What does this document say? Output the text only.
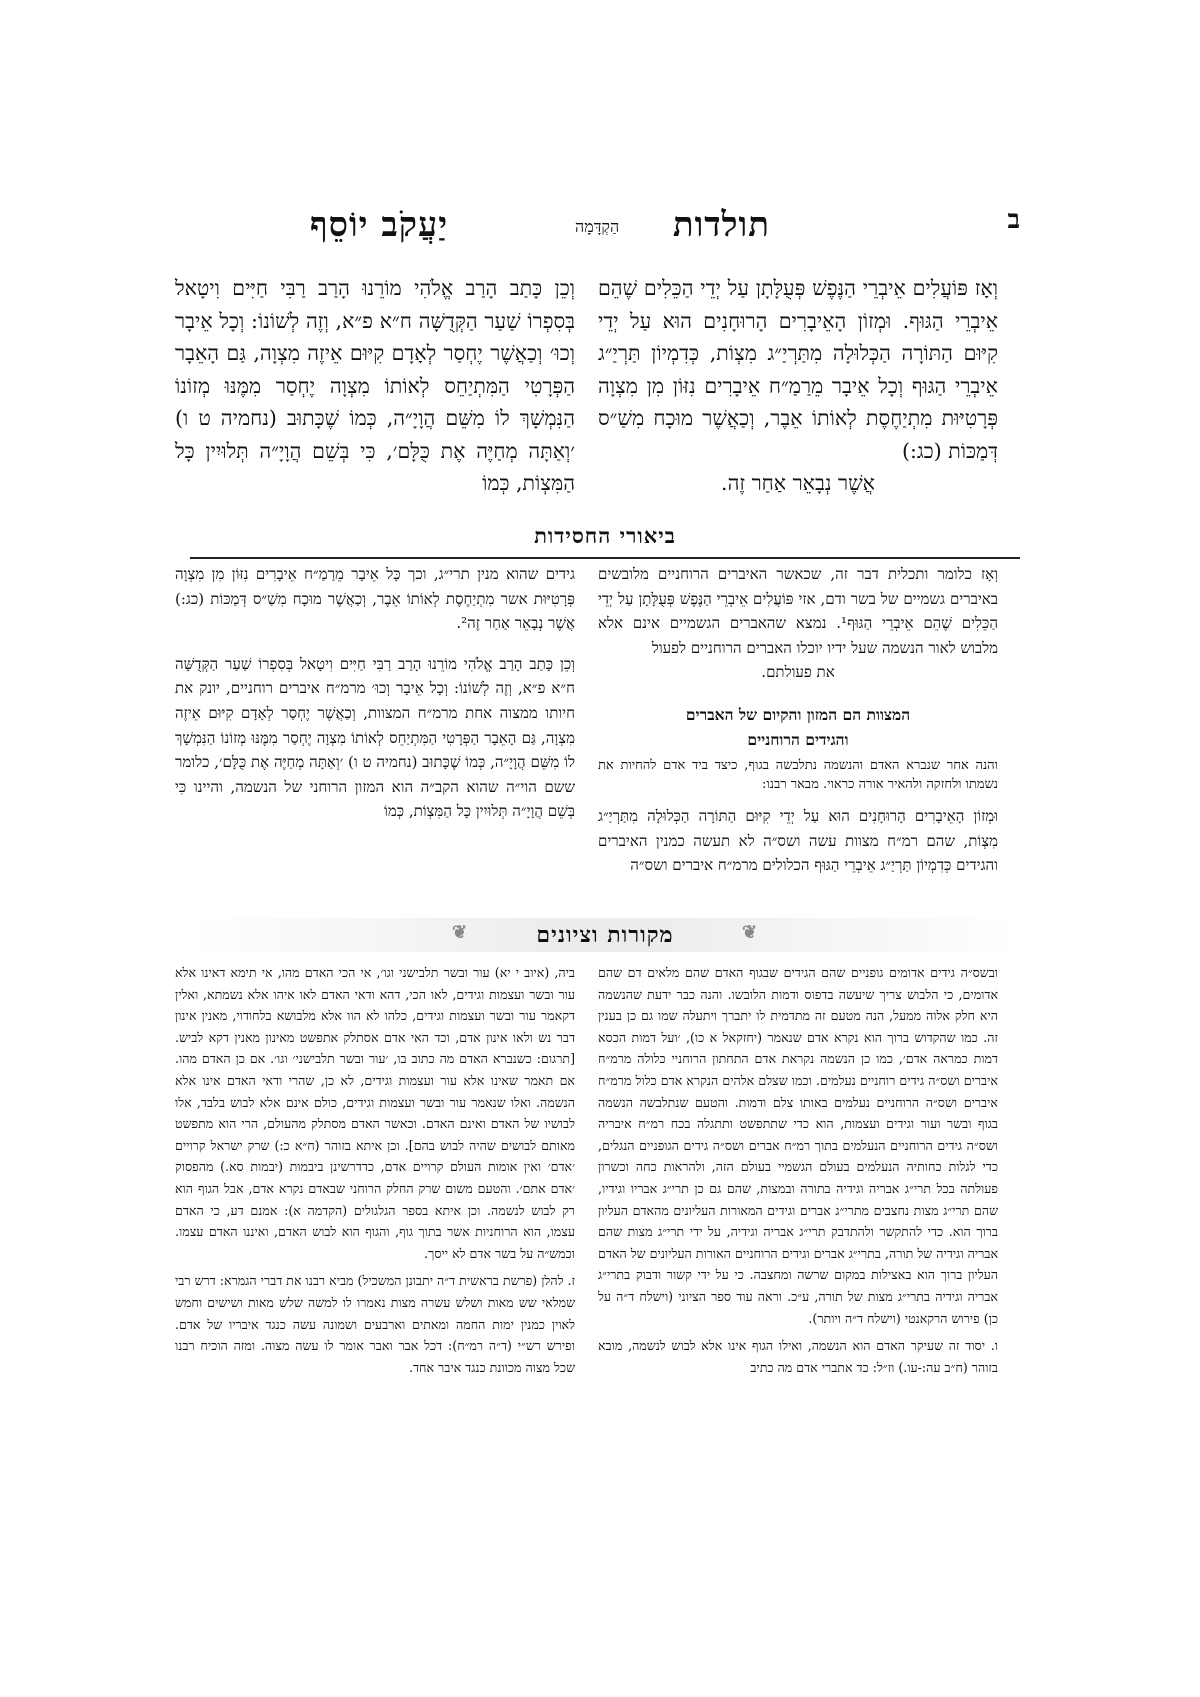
ב
תולדות
הַקְדָּמָה
יַעֲקֹב יוֹסֵף

וְאָז פּוֹעֲלִים אֵיבְרֵי הַנֶּפֶשׁ פְּעֻלָּתָן עַל יְדֵי הַכֵּלִים שֶׁהֵם אֵיבְרֵי הַגּוּף. וּמְזוֹן הָאֵיבָרִים הָרוּחָנִים הוּא עַל יְדֵי קִיּוּם הַתּוֹרָה הַכְּלוּלָה מִתַּרְיַ״ג מִצְוֹת, כְּדִמְיוֹן תַּרְיַ״ג אֵיבְרֵי הַגּוּף וְכָל אֵיבָר מֵרַמַ״ח אֵיבָרִים נִזּוֹן מִן מִצְוָה פְּרָטִיּוּת מִתְיַחֶסֶת לְאוֹתוֹ אֵבֶר, וְכַאֲשֶׁר מוּכָח מִשַׁ״ס דְּמַכּוֹת (כג:)

אֲשֶׁר נְבָאֵר אַחַר זֶה.

וְכֵן כָּתַב הָרַב אֱלֹהִי מוֹרֵנוּ הָרַב רַבִּי חַיִּים וִיטָאל בְּסִפְרוֹ שַׁעַר הַקְּדֻשָּׁה ח״א פ״א, וְזֶה לְשׁוֹנוֹ: וְכָל אֵיבָר וְכוּ׳ וְכַאֲשֶׁר יֶחְסַר לְאָדָם קִיּוּם אֵיזֶה מִצְוָה, גַּם הָאֵבָר הַפְּרָטִי הַמִּתְיַחֵס לְאוֹתוֹ מִצְוָה יֶחְסַר מִמֶּנּוּ מְזוֹנוֹ הַנִּמְשָׁךְ לוֹ מִשֵּׁם הֲוָיָ״ה, כְּמוֹ שֶׁכָּתוּב (נחמיה ט ו) ׳וְאַתָּה מְחַיֶּה אֶת כֻּלָּם׳, כִּי בְּשֵׁם הֲוָיָ״ה תְּלוּיִין כָּל הַמִּצְוֹת, כְּמוֹ

ביאורי החסידות

וְאָז כלומר ותכלית דבר זה, שכאשר האיברים הרוחניים מלובשים באיברים גשמיים של בשר ודם, אזי פּוֹעֲלִים אֵיבְרֵי הַנֶּפֶשׁ פְּעֻלָּתָן עַל יְדֵי הַכֵּלִים שֶׁהֵם אֵיבְרֵי הַגּוּף¹. נמצא שהאברים הגשמיים אינם אלא מלבוש לאור הנשמה שעל ידיו יוכלו האברים הרוחניים לפעול

את פעולתם.

המצוות הם המזון והקיום של האברים
והגידים הרוחניים

והנה אחר שנברא האדם והנשמה נתלבשה בגוף, כיצד ביד אדם להחיות את נשמתו ולחזקה ולהאיר אורה כראוי. מבאר רבנו:

וּמְזוֹן הָאֵיבָרִים הָרוּחָנִים הוּא עַל יְדֵי קִיּוּם הַתּוֹרָה הַכְּלוּלָה מִתַּרְיַ״ג מִצְוֹת, שהם רמ״ח מצוות עשה ושס״ה לא תעשה כמנין האיברים והגידים כְּדִמְיוֹן תַּרְיַ״ג אֵיבְרֵי הַגּוּף הכלולים מרמ״ח איברים ושס״ה

גידים שהוא מנין תרי״ג, וכך כָּל אֵיבָר מֵרַמַ״ח אֵיבָרִים נִזּוֹן מִן מִצְוָה פְּרָטִיּוּת אשר מִתְיַחֶסֶת לְאוֹתוֹ אֵבֶר, וְכַאֲשֶׁר מוּכָח מִשַׁ״ס דְּמַכּוֹת (כג:) אֲשֶׁר נְבָאֵר אַחַר זֶה².

וְכֵן כָּתַב הָרַב אֱלֹהִי מוֹרֵנוּ הָרַב רַבִּי חַיִּים וִיטָאל בְּסִפְרוֹ שַׁעַר הַקְּדֻשָּׁה ח״א פ״א, וְזֶה לְשׁוֹנוֹ: וְכָל אֵיבָר וְכוּ׳ מרמ״ח איברים רוחניים, יונק את חיותו ממצוה אחת מרמ״ח המצוות, וְכַאֲשֶׁר יֶחְסַר לְאָדָם קִיּוּם אֵיזֶה מִצְוָה, גַּם הָאֵבָר הַפְּרָטִי הַמִּתְיַחֵס לְאוֹתוֹ מִצְוָה יֶחְסַר מִמֶּנּוּ מְזוֹנוֹ הַנִּמְשָׁךְ לוֹ מִשֵּׁם הֲוָיָ״ה, כְּמוֹ שֶׁכָּתוּב (נחמיה ט ו) ׳וְאַתָּה מְחַיֶּה אֶת כֻּלָּם׳, כלומר ששם הוי״ה שהוא הקב״ה הוא המזון הרוחני של הנשמה, והיינו כִּי בְּשֵׁם הֲוָיָ״ה תְּלוּיִין כָּל הַמִּצְוֹת, כְּמוֹ

❦
מקורות וציונים
❦

ובשס״ה גידים אדומים גופניים שהם הגידים שבגוף האדם שהם מלאים דם שהם אדומים, כי הלבוש צריך שיעשה בדפוס ודמות הלובשו. והנה כבר ידעת שהנשמה היא חלק אלוה ממעל, הנה מטעם זה מתדמית לו יתברך ויתעלה שמו גם כן בענין זה. כמו שהקדוש ברוך הוא נקרא אדם שנאמר (יחזקאל א כו), ׳ועל דמות הכסא דמות כמראה אדם׳, כמו כן הנשמה נקראת אדם התחתון הרוחניי כלולה מרמ״ח איברים ושס״ה גידים רוחניים נעלמים. וכמו שצלם אלהים הנקרא אדם כלול מרמ״ח איברים ושס״ה הרוחניים נעלמים באותו צלם ודמות. והטעם שנתלבשה הנשמה בגוף ובשר ועור וגידים ועצמות, הוא כדי שתתפשט ותתגלה בכח רמ״ח איבריה ושס״ה גידים הרוחניים הנעלמים בתוך רמ״ח אברים ושס״ה גידים הגופניים הנגלים, כדי לגלות כחותיה הנעלמים בעולם הגשמיי בעולם הזה, ולהראות כחה וכשרון פעולתה בכל תרי״ג אבריה וגידיה בתורה ובמצות, שהם גם כן תרי״ג אבריו וגידיו, שהם תרי״ג מצות נחצבים מתרי״ג אברים וגידים המאורות העליונים מהאדם העליון ברוך הוא. כדי להתקשר ולהתדבק תרי״ג אבריה וגידיה, על ידי תרי״ג מצות שהם אבריה וגידיה של תורה, בתרי״ג אברים וגידים הרוחניים האורות העליונים של האדם העליון ברוך הוא באצילות במקום שרשה ומחצבה. כי על ידי קשור ודבוק בתרי״ג אבריה וגידיה בתרי״ג מצות של תורה, ע״כ. וראה עוד ספר הציוני (וישלח ד״ה על כן) פירוש הרקאנטי (וישלח ד״ה ויותר).

ו. יסוד זה שעיקר האדם הוא הנשמה, ואילו הגוף אינו אלא לבוש לנשמה, מובא בזוהר (ח״ב עה:-עו.) וז״ל: כד אתברי אדם מה כתיב

ביה, (איוב י יא) עור ובשר תלבישני וגו׳, אי הכי האדם מהו, אי תימא דאינו אלא עור ובשר ועצמות וגידים, לאו הכי, דהא ודאי האדם לאו איהו אלא נשמתא, ואלין דקאמר עור ובשר ועצמות וגידים, כלהו לא הוו אלא מלבושא בלחודוי, מאנין אינון דבר נש ולאו אינון אדם, וכד האי אדם אסתלק אתפשט מאינון מאנין דקא לביש. [תרגום: כשנברא האדם מה כתוב בו, ׳עור ובשר תלבישני׳ וגו׳. אם כן האדם מהו. אם תאמר שאינו אלא עור ועצמות וגידים, לא כן, שהרי ודאי האדם אינו אלא הנשמה. ואלו שנאמר עור ובשר ועצמות וגידים, כולם אינם אלא לבוש בלבד, אלו לבושיו של האדם ואינם האדם. וכאשר האדם מסתלק מהעולם, הרי הוא מתפשט מאותם לבושים שהיה לבוש בהם]. וכן איתא בזוהר (ח״א כ:) שרק ישראל קרויים ׳אדם׳ ואין אומות העולם קרויים אדם, כדדרשינן ביבמות (יבמות סא.) מהפסוק ׳אדם אתם׳. והטעם משום שרק החלק הרוחני שבאדם נקרא אדם, אבל הגוף הוא רק לבוש לנשמה. וכן איתא בספר הגלגולים (הקדמה א): אמנם דע, כי האדם עצמו, הוא הרוחניות אשר בתוך גוף, והגוף הוא לבוש האדם, ואיננו האדם עצמו. וכמש״ה על בשר אדם לא ייסך.

ז. להלן (פרשת בראשית ד״ה יתבונן המשכיל) מביא רבנו את דברי הגמרא: דרש רבי שמלאי שש מאות ושלש עשרה מצות נאמרו לו למשה שלש מאות ושישים וחמש לאוין כמנין ימות החמה ומאתים וארבעים ושמונה עשה כנגד איבריו של אדם. ופירש רש״י (ד״ה רמ״ח): דכל אבר ואבר אומר לו עשה מצוה. ומזה הוכיח רבנו שכל מצוה מכוונת כנגד איבר אחד.
